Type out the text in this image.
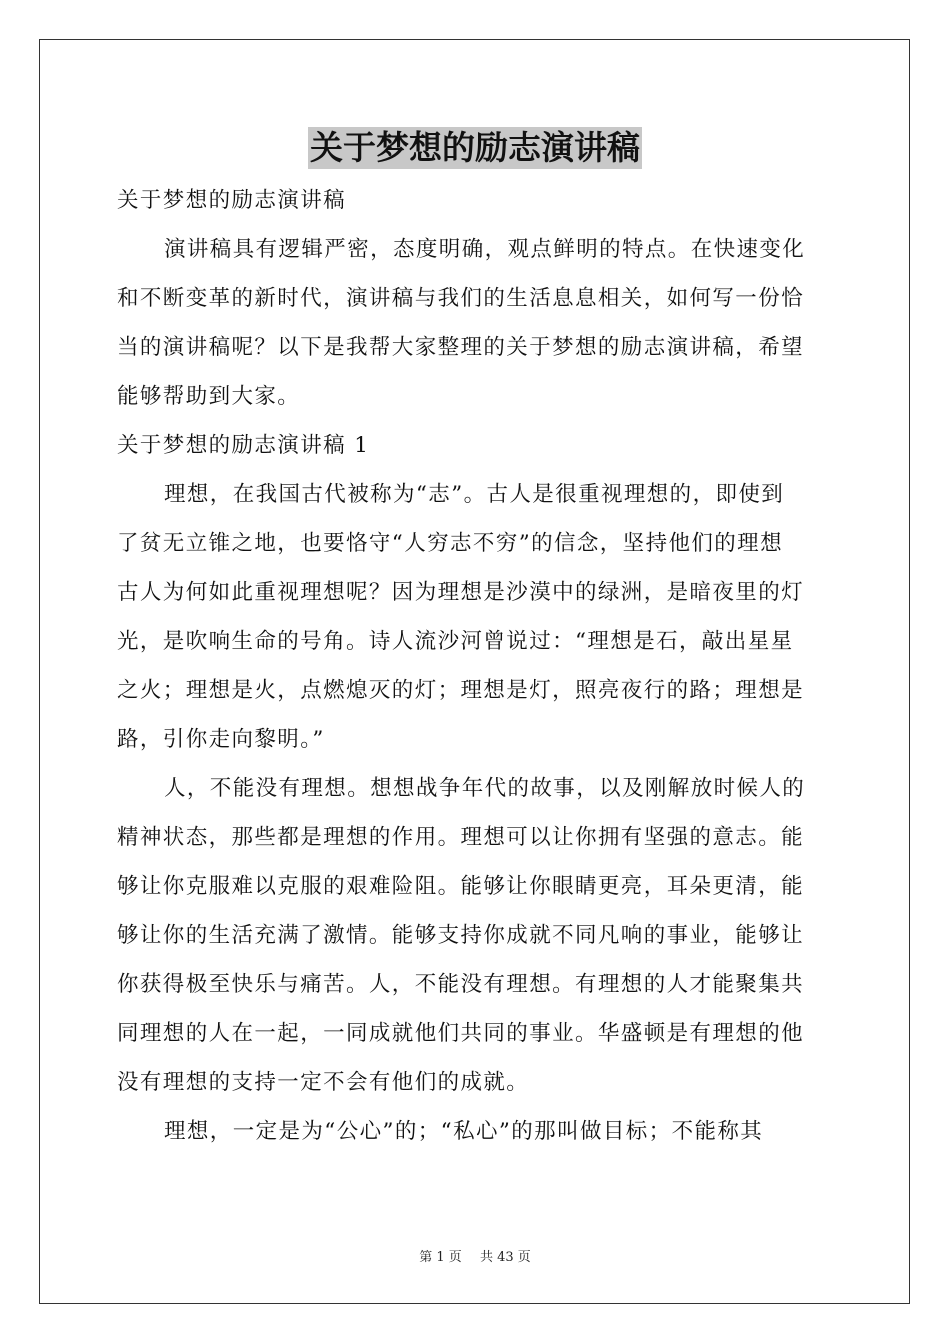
关于梦想的励志演讲稿

关于梦想的励志演讲稿

演讲稿具有逻辑严密，态度明确，观点鲜明的特点。在快速变化

和不断变革的新时代，演讲稿与我们的生活息息相关，如何写一份恰

当的演讲稿呢？以下是我帮大家整理的关于梦想的励志演讲稿，希望

能够帮助到大家。

关于梦想的励志演讲稿 1

理想，在我国古代被称为“志”。古人是很重视理想的，即使到

了贫无立锥之地，也要恪守“人穷志不穷”的信念，坚持他们的理想

古人为何如此重视理想呢？因为理想是沙漠中的绿洲，是暗夜里的灯

光，是吹响生命的号角。诗人流沙河曾说过：“理想是石，敲出星星

之火；理想是火，点燃熄灭的灯；理想是灯，照亮夜行的路；理想是

路，引你走向黎明。”

人，不能没有理想。想想战争年代的故事，以及刚解放时候人的

精神状态，那些都是理想的作用。理想可以让你拥有坚强的意志。能

够让你克服难以克服的艰难险阻。能够让你眼睛更亮，耳朵更清，能

够让你的生活充满了激情。能够支持你成就不同凡响的事业，能够让

你获得极至快乐与痛苦。人，不能没有理想。有理想的人才能聚集共

同理想的人在一起，一同成就他们共同的事业。华盛顿是有理想的他

没有理想的支持一定不会有他们的成就。

理想，一定是为“公心”的；“私心”的那叫做目标；不能称其

第 1 页 共 43 页
